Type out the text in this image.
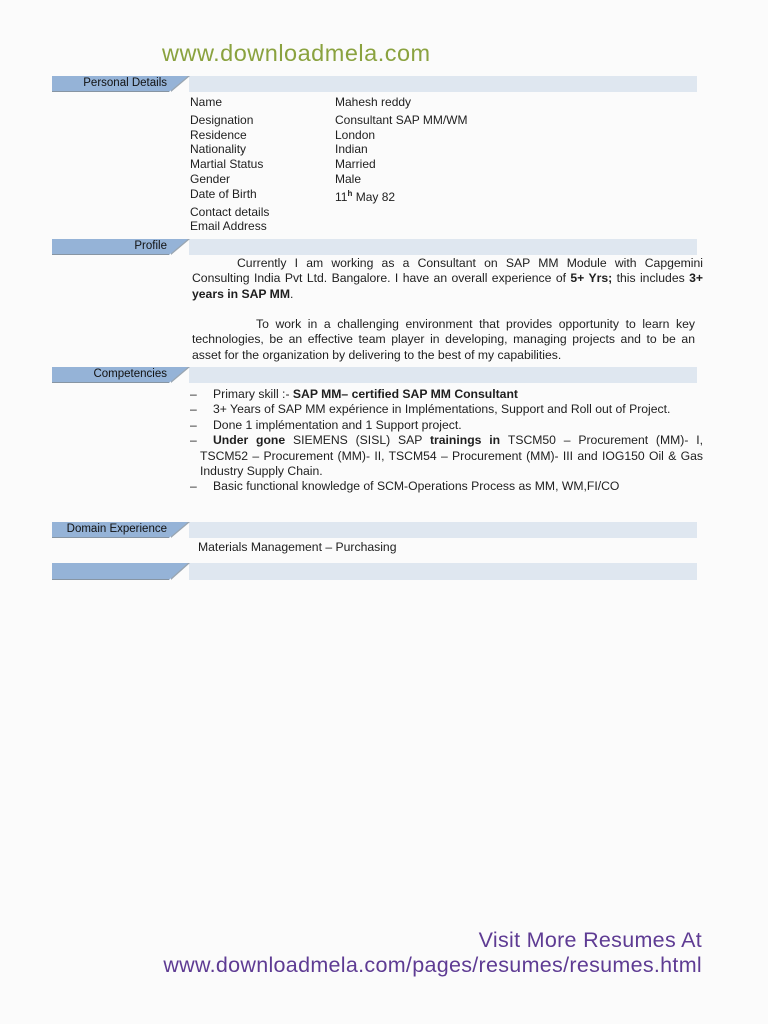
www.downloadmela.com
Personal Details
Name	Mahesh reddy
Designation	Consultant SAP MM/WM
Residence	London
Nationality	Indian
Martial Status	Married
Gender	Male
Date of Birth	11$^h$ May 82
Contact details
Email Address
Profile
Currently I am working as a Consultant on SAP MM Module with Capgemini Consulting India Pvt Ltd. Bangalore. I have an overall experience of 5+ Yrs; this includes 3+ years in SAP MM.
To work in a challenging environment that provides opportunity to learn key technologies, be an effective team player in developing, managing projects and to be an asset for the organization by delivering to the best of my capabilities.
Competencies
– Primary skill :- SAP MM– certified SAP MM Consultant
– 3+ Years of SAP MM expérience in Implémentations, Support and Roll out of Project.
– Done 1 implémentation and 1 Support project.
– Under gone SIEMENS (SISL) SAP trainings in TSCM50 – Procurement (MM)- I, TSCM52 – Procurement (MM)- II, TSCM54 – Procurement (MM)- III and IOG150 Oil & Gas Industry Supply Chain.
– Basic functional knowledge of SCM-Operations Process as MM, WM,FI/CO
Domain Experience
Materials Management – Purchasing
Visit More Resumes At
www.downloadmela.com/pages/resumes/resumes.html
